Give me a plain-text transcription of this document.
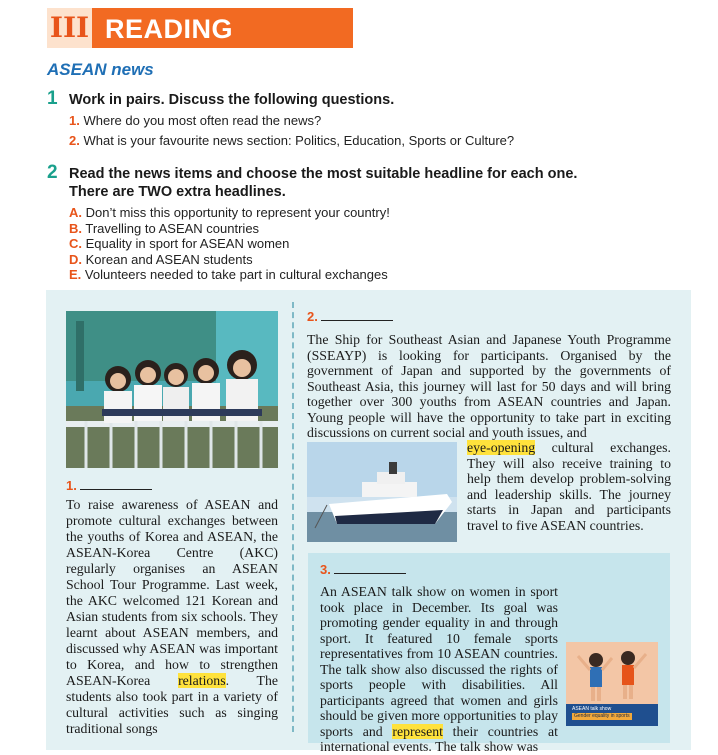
III READING
ASEAN news
1 Work in pairs. Discuss the following questions.
1. Where do you most often read the news?
2. What is your favourite news section: Politics, Education, Sports or Culture?
2 Read the news items and choose the most suitable headline for each one.
There are TWO extra headlines.
A. Don’t miss this opportunity to represent your country!
B. Travelling to ASEAN countries
C. Equality in sport for ASEAN women
D. Korean and ASEAN students
E. Volunteers needed to take part in cultural exchanges
1.
To raise awareness of ASEAN and promote cultural exchanges between the youths of Korea and ASEAN, the ASEAN-Korea Centre (AKC) regularly organises an ASEAN School Tour Programme. Last week, the AKC welcomed 121 Korean and Asian students from six schools. They learnt about ASEAN members, and discussed why ASEAN was important to Korea, and how to strengthen ASEAN-Korea relations. The students also took part in a variety of cultural activities such as singing traditional songs
2.
The Ship for Southeast Asian and Japanese Youth Programme (SSEAYP) is looking for participants. Organised by the government of Japan and supported by the governments of Southeast Asia, this journey will last for 50 days and will bring together over 300 youths from ASEAN countries and Japan. Young people will have the opportunity to take part in exciting discussions on current social and youth issues, and
eye-opening cultural exchanges. They will also receive training to help them develop problem-solving and leadership skills. The journey starts in Japan and participants travel to five ASEAN countries.
3.
ASEAN talk show
Gender equality in sports
An ASEAN talk show on women in sport took place in December. Its goal was promoting gender equality in and through sport. It featured 10 female sports representatives from 10 ASEAN countries. The talk show also discussed the rights of sports people with disabilities. All participants agreed that women and girls should be given more opportunities to play sports and represent their countries at international events. The talk show was
